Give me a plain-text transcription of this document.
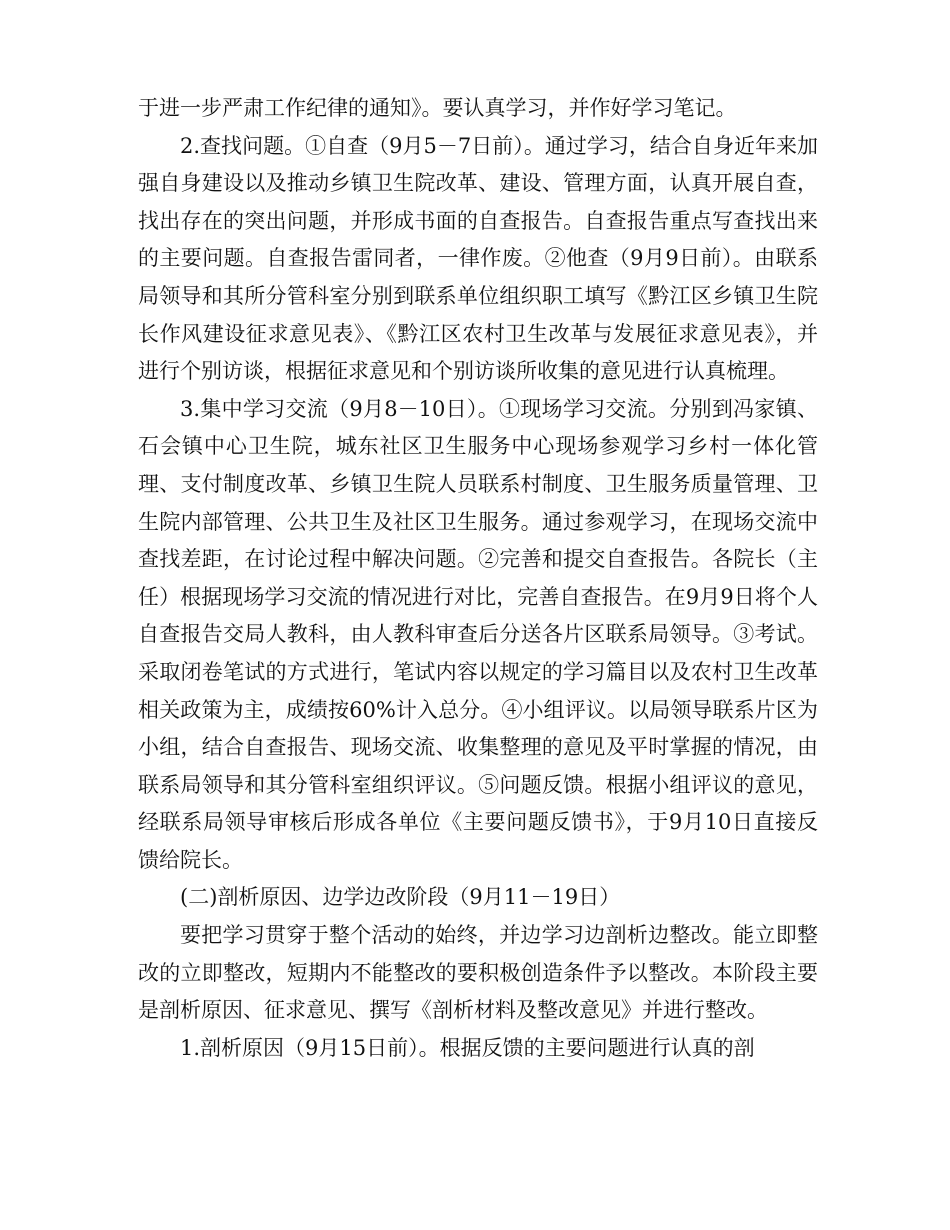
于进一步严肃工作纪律的通知》。要认真学习，并作好学习笔记。

2.查找问题。①自查（9月5－7日前）。通过学习，结合自身近年来加强自身建设以及推动乡镇卫生院改革、建设、管理方面，认真开展自查，找出存在的突出问题，并形成书面的自查报告。自查报告重点写查找出来的主要问题。自查报告雷同者，一律作废。②他查（9月9日前）。由联系局领导和其所分管科室分别到联系单位组织职工填写《黔江区乡镇卫生院长作风建设征求意见表》、《黔江区农村卫生改革与发展征求意见表》，并进行个别访谈，根据征求意见和个别访谈所收集的意见进行认真梳理。

3.集中学习交流（9月8－10日）。①现场学习交流。分别到冯家镇、石会镇中心卫生院，城东社区卫生服务中心现场参观学习乡村一体化管理、支付制度改革、乡镇卫生院人员联系村制度、卫生服务质量管理、卫生院内部管理、公共卫生及社区卫生服务。通过参观学习，在现场交流中查找差距，在讨论过程中解决问题。②完善和提交自查报告。各院长（主任）根据现场学习交流的情况进行对比，完善自查报告。在9月9日将个人自查报告交局人教科，由人教科审查后分送各片区联系局领导。③考试。采取闭卷笔试的方式进行，笔试内容以规定的学习篇目以及农村卫生改革相关政策为主，成绩按60%计入总分。④小组评议。以局领导联系片区为小组，结合自查报告、现场交流、收集整理的意见及平时掌握的情况，由联系局领导和其分管科室组织评议。⑤问题反馈。根据小组评议的意见，经联系局领导审核后形成各单位《主要问题反馈书》，于9月10日直接反馈给院长。

(二)剖析原因、边学边改阶段（9月11－19日）

要把学习贯穿于整个活动的始终，并边学习边剖析边整改。能立即整改的立即整改，短期内不能整改的要积极创造条件予以整改。本阶段主要是剖析原因、征求意见、撰写《剖析材料及整改意见》并进行整改。

1.剖析原因（9月15日前）。根据反馈的主要问题进行认真的剖
